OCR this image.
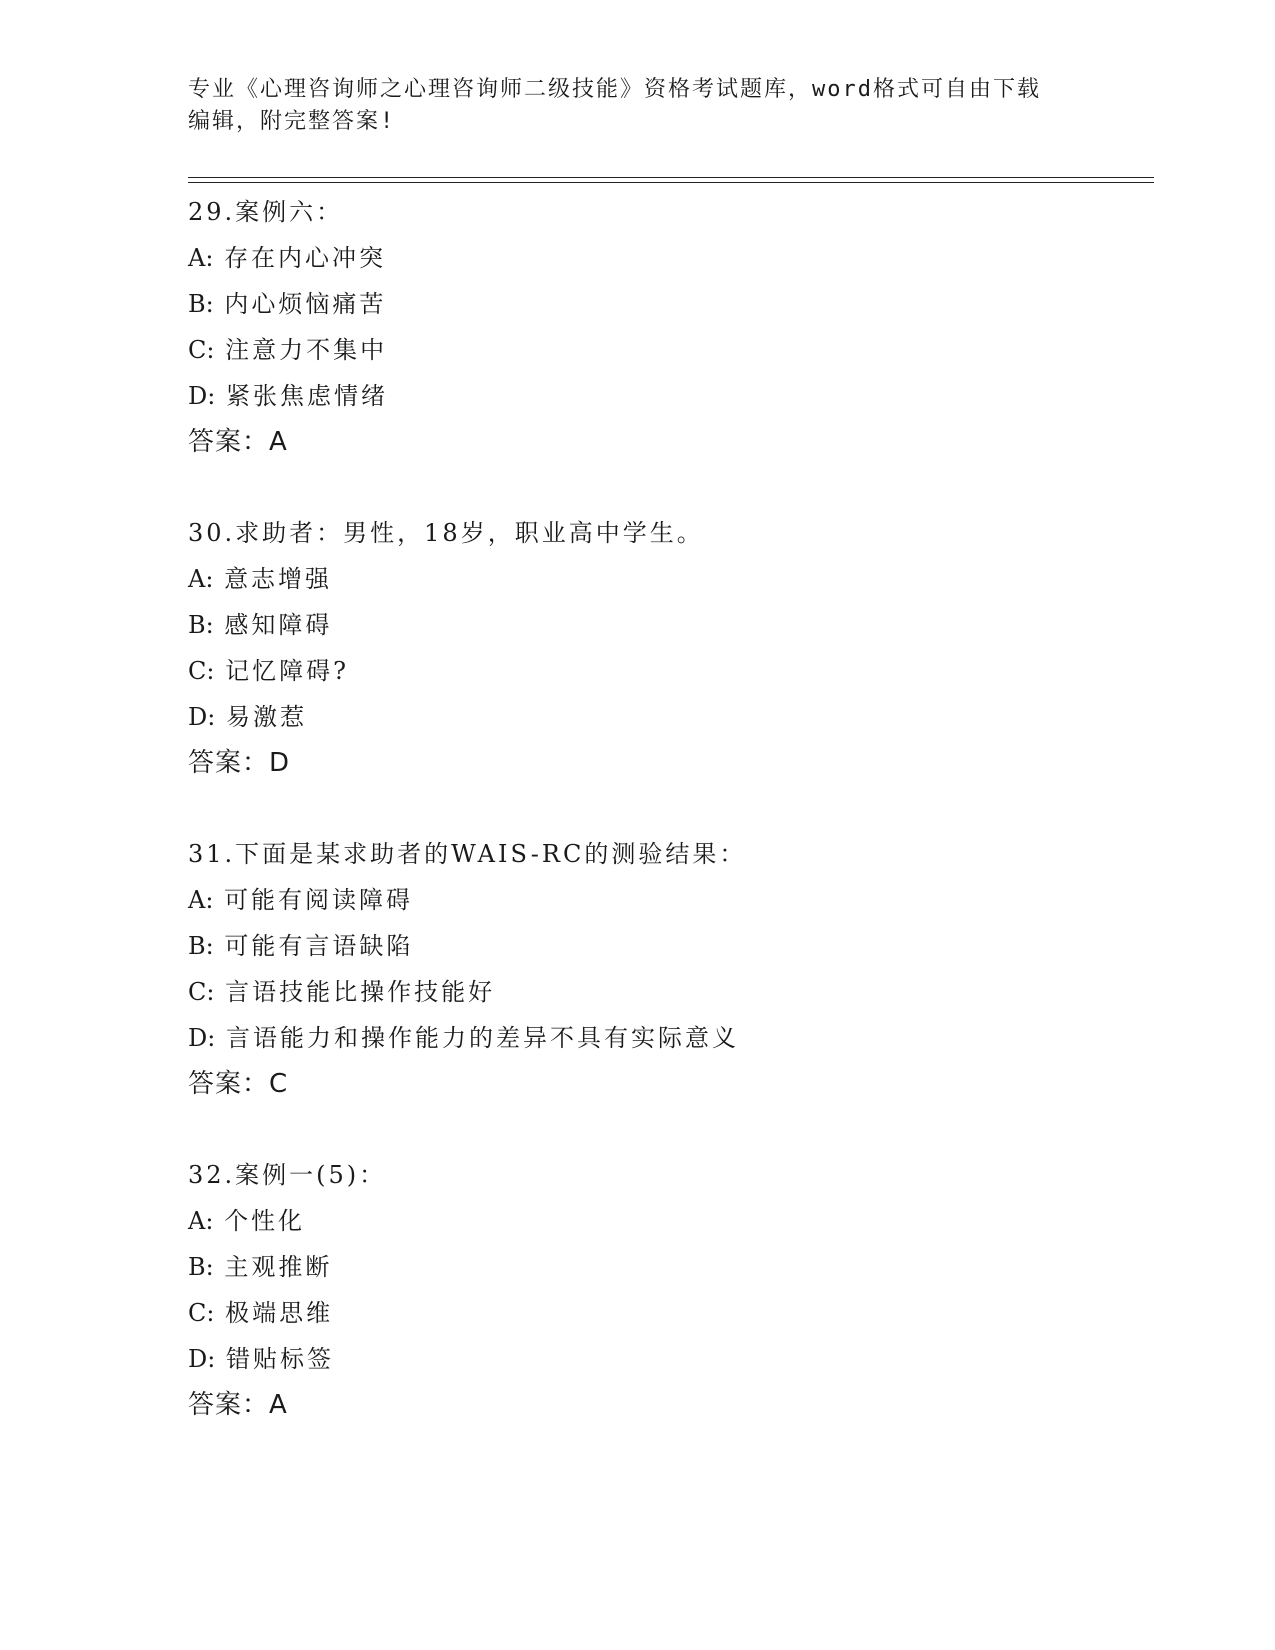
专业《心理咨询师之心理咨询师二级技能》资格考试题库，word格式可自由下载
编辑，附完整答案!
29.案例六：
A: 存在内心冲突
B: 内心烦恼痛苦
C: 注意力不集中
D: 紧张焦虑情绪
答案：A
30.求助者：男性，18岁，职业高中学生。
A: 意志增强
B: 感知障碍
C: 记忆障碍?
D: 易激惹
答案：D
31.下面是某求助者的WAIS-RC的测验结果：
A: 可能有阅读障碍
B: 可能有言语缺陷
C: 言语技能比操作技能好
D: 言语能力和操作能力的差异不具有实际意义
答案：C
32.案例一(5)：
A: 个性化
B: 主观推断
C: 极端思维
D: 错贴标签
答案：A
